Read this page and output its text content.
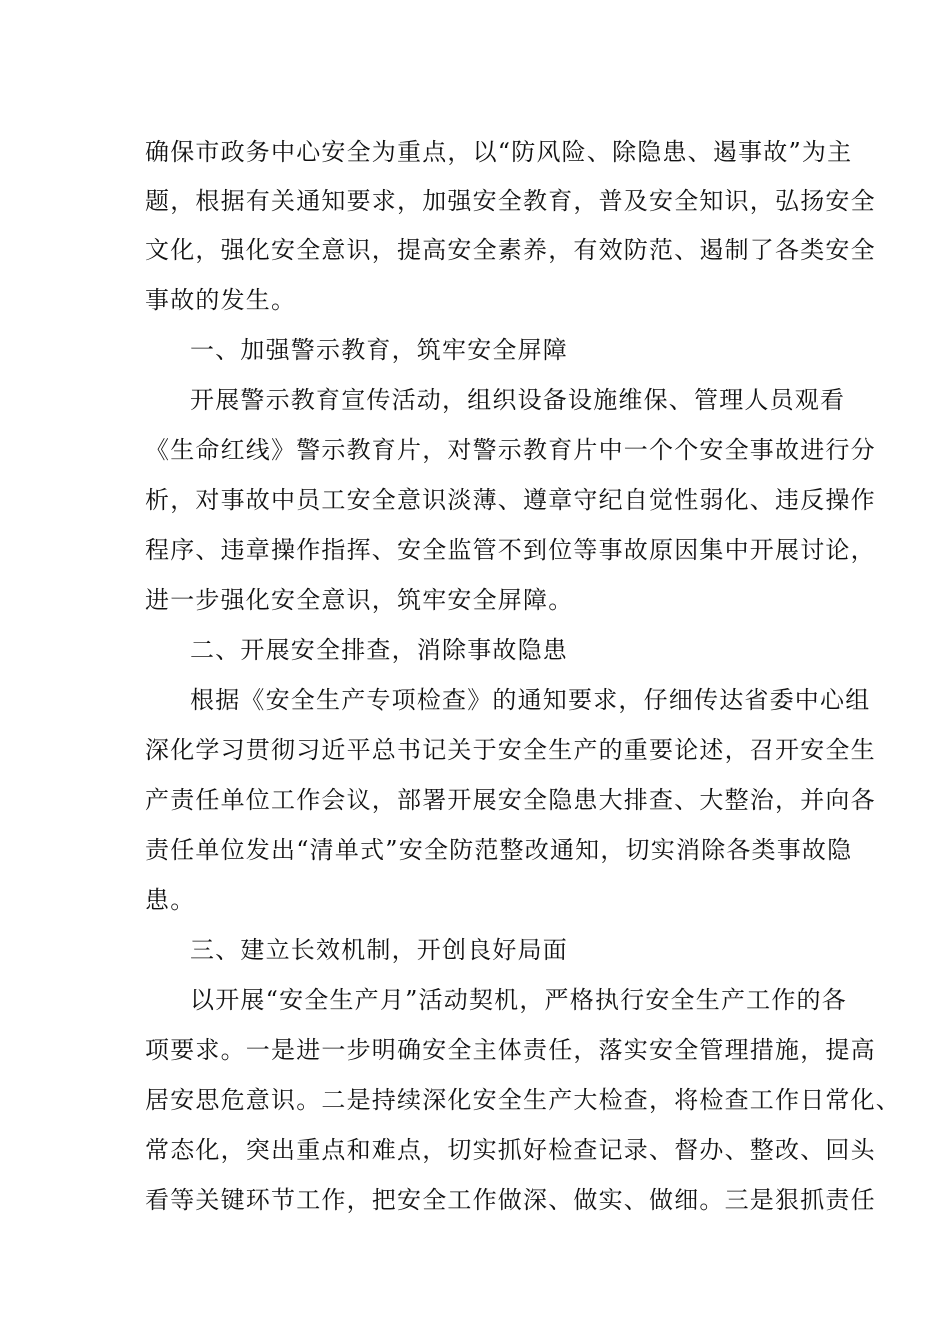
确保市政务中心安全为重点，以“防风险、除隐患、遏事故”为主
题，根据有关通知要求，加强安全教育，普及安全知识，弘扬安全
文化，强化安全意识，提高安全素养，有效防范、遏制了各类安全
事故的发生。
一、加强警示教育，筑牢安全屏障
开展警示教育宣传活动，组织设备设施维保、管理人员观看
《生命红线》警示教育片，对警示教育片中一个个安全事故进行分
析，对事故中员工安全意识淡薄、遵章守纪自觉性弱化、违反操作
程序、违章操作指挥、安全监管不到位等事故原因集中开展讨论，
进一步强化安全意识，筑牢安全屏障。
二、开展安全排查，消除事故隐患
根据《安全生产专项检查》的通知要求，仔细传达省委中心组
深化学习贯彻习近平总书记关于安全生产的重要论述，召开安全生
产责任单位工作会议，部署开展安全隐患大排查、大整治，并向各
责任单位发出“清单式”安全防范整改通知，切实消除各类事故隐
患。
三、建立长效机制，开创良好局面
以开展“安全生产月”活动契机，严格执行安全生产工作的各
项要求。一是进一步明确安全主体责任，落实安全管理措施，提高
居安思危意识。二是持续深化安全生产大检查，将检查工作日常化、
常态化，突出重点和难点，切实抓好检查记录、督办、整改、回头
看等关键环节工作，把安全工作做深、做实、做细。三是狠抓责任
